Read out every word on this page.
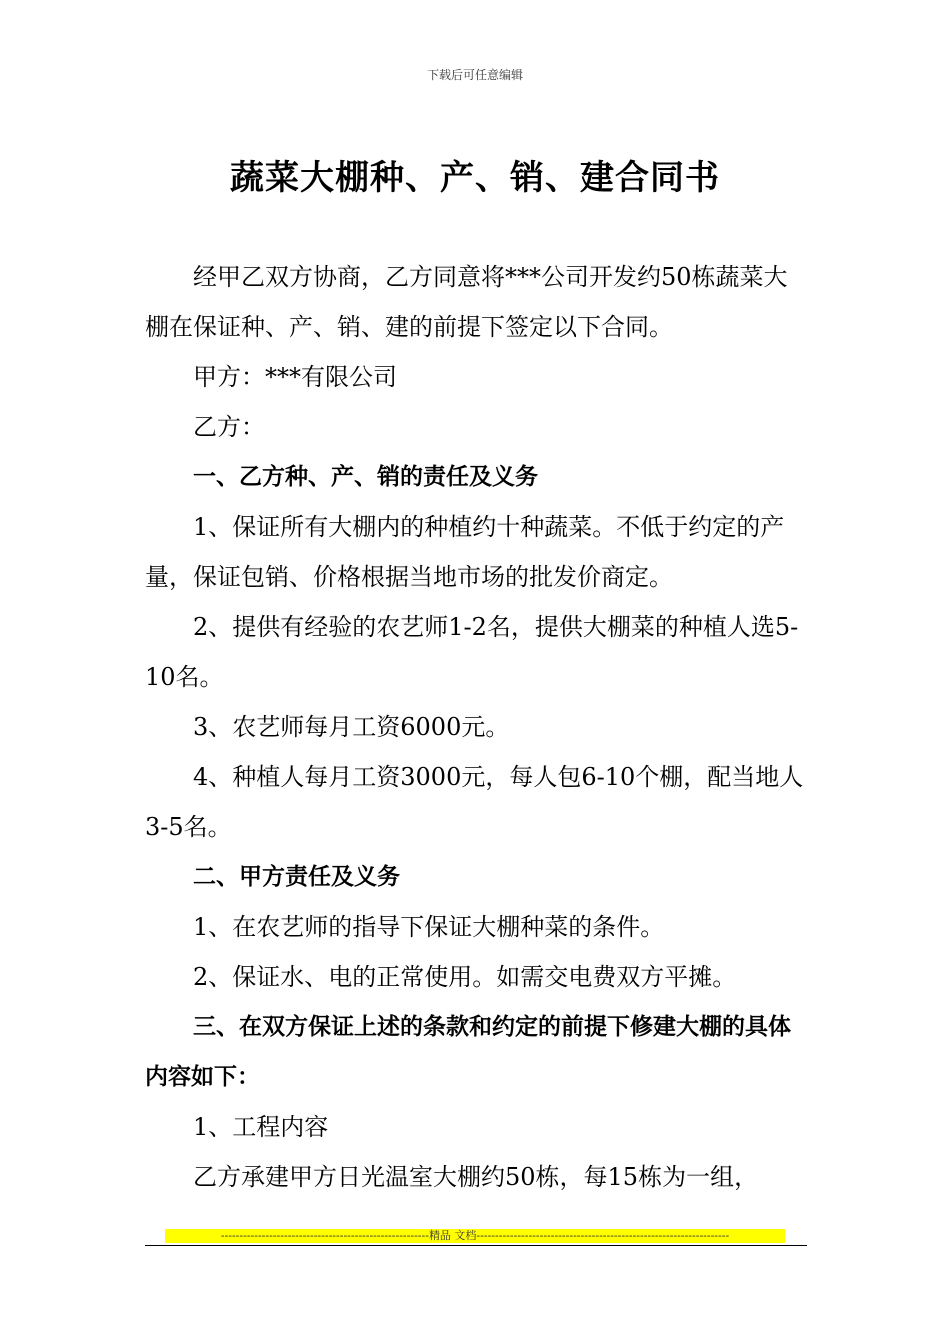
下载后可任意编辑
蔬菜大棚种、产、销、建合同书

经甲乙双方协商，乙方同意将***公司开发约50栋蔬菜大棚在保证种、产、销、建的前提下签定以下合同。

甲方：***有限公司

乙方：

一、乙方种、产、销的责任及义务

1、保证所有大棚内的种植约十种蔬菜。不低于约定的产量，保证包销、价格根据当地市场的批发价商定。

2、提供有经验的农艺师1-2名，提供大棚菜的种植人选5-10名。

3、农艺师每月工资6000元。

4、种植人每月工资3000元，每人包6-10个棚，配当地人3-5名。

二、甲方责任及义务

1、在农艺师的指导下保证大棚种菜的条件。

2、保证水、电的正常使用。如需交电费双方平摊。

三、在双方保证上述的条款和约定的前提下修建大棚的具体内容如下：

1、工程内容

乙方承建甲方日光温室大棚约50栋，每15栋为一组，

--------------------------------------------------------精品 文档--------------------------------------------------------------------
